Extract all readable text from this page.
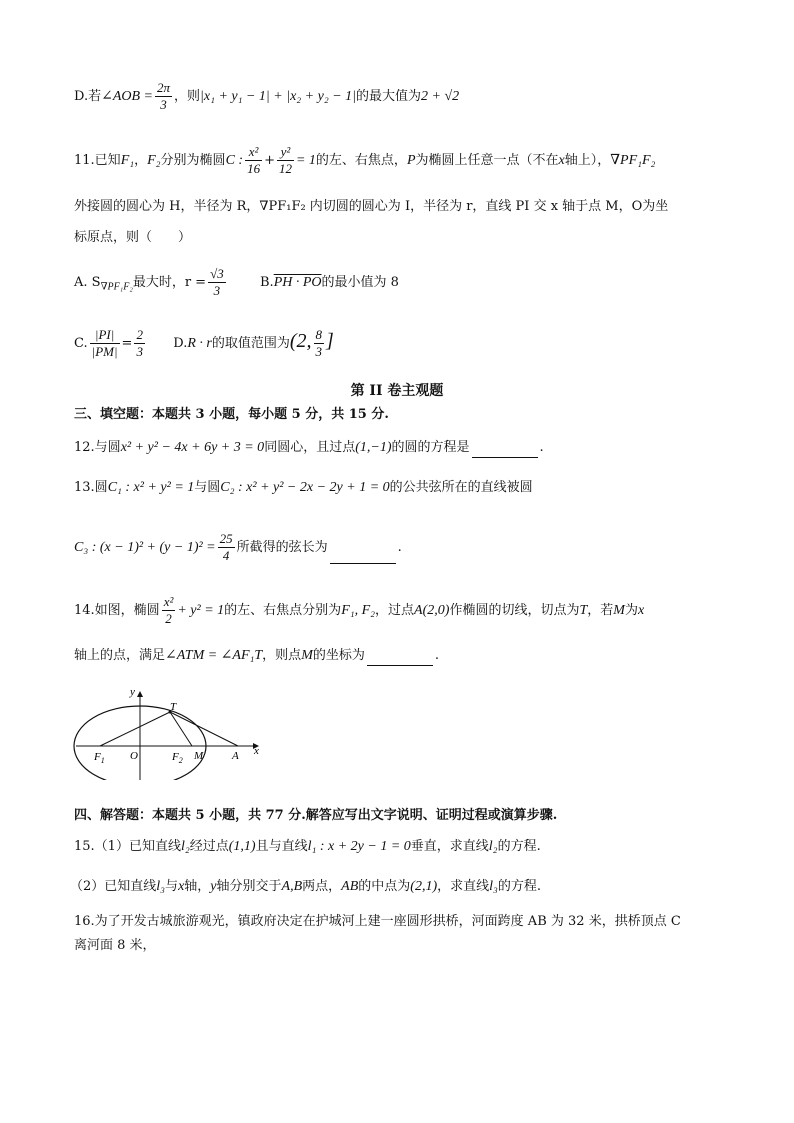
D.若∠AOB = $\frac{2\pi}{3}$ ，则|x₁ + y₁ − 1| + |x₂ + y₂ − 1|的最大值为2 + √2
11.已知F₁，F₂分别为椭圆C : $\frac{\text{x²}}{16} + \frac{\text{y²}}{12} = 1$的左、右焦点，P为椭圆上任意一点（不在x轴上），∇PF₁F₂
外接圆的圆心为 H，半径为 R，∇PF₁F₂ 内切圆的圆心为 I，半径为 r，直线 PI 交 x 轴于点 M，O为坐
标原点，则（　　）
A. $S_{\nabla PF_1F_2}$最大时，$r = \frac{√3}{3}$	B.PH · PO的最小值为 8
C. $\frac{|PI|}{|PM|} = \frac{2}{3} D.R \cdot r$的取值范围为(2, $\frac{8}{3}$ ]
第 II 卷主观题
三、填空题：本题共 3 小题，每小题 5 分，共 15 分.
12.与圆x² + y² − 4x + 6y + 3 = 0同圆心，且过点(1,−1)的圆的方程是	.
13.圆C₁ : x² + y² = 1与圆C₂ : x² + y² − 2x − 2y + 1 = 0的公共弦所在的直线被圆
C₃ : $(x - 1)^2 + (y - 1)^2 = \frac{25}{4}$ 所截得的弦长为	.
14.如图，椭圆 $\frac{\text{x²}}{2} + y^2 = 1$的左、右焦点分别为F₁, F₂，过点A(2,0)作椭圆的切线，切点为T，若M为x
轴上的点，满足∠ATM = ∠AF₁T，则点M的坐标为	.
y
x
T
$F_1$ O	$F_2$ M	A
四、解答题：本题共 5 小题，共 77 分.解答应写出文字说明、证明过程或演算步骤.
15.（1）已知直线l₂经过点(1,1)且与直线l₁ : x + 2y − 1 = 0垂直，求直线l₂的方程.
（2）已知直线l₃与x轴，y轴分别交于A,B两点，AB的中点为(2,1)，求直线l₃的方程.
16.为了开发古城旅游观光，镇政府决定在护城河上建一座圆形拱桥，河面跨度 AB 为 32 米，拱桥顶点 C
离河面 8 米，
